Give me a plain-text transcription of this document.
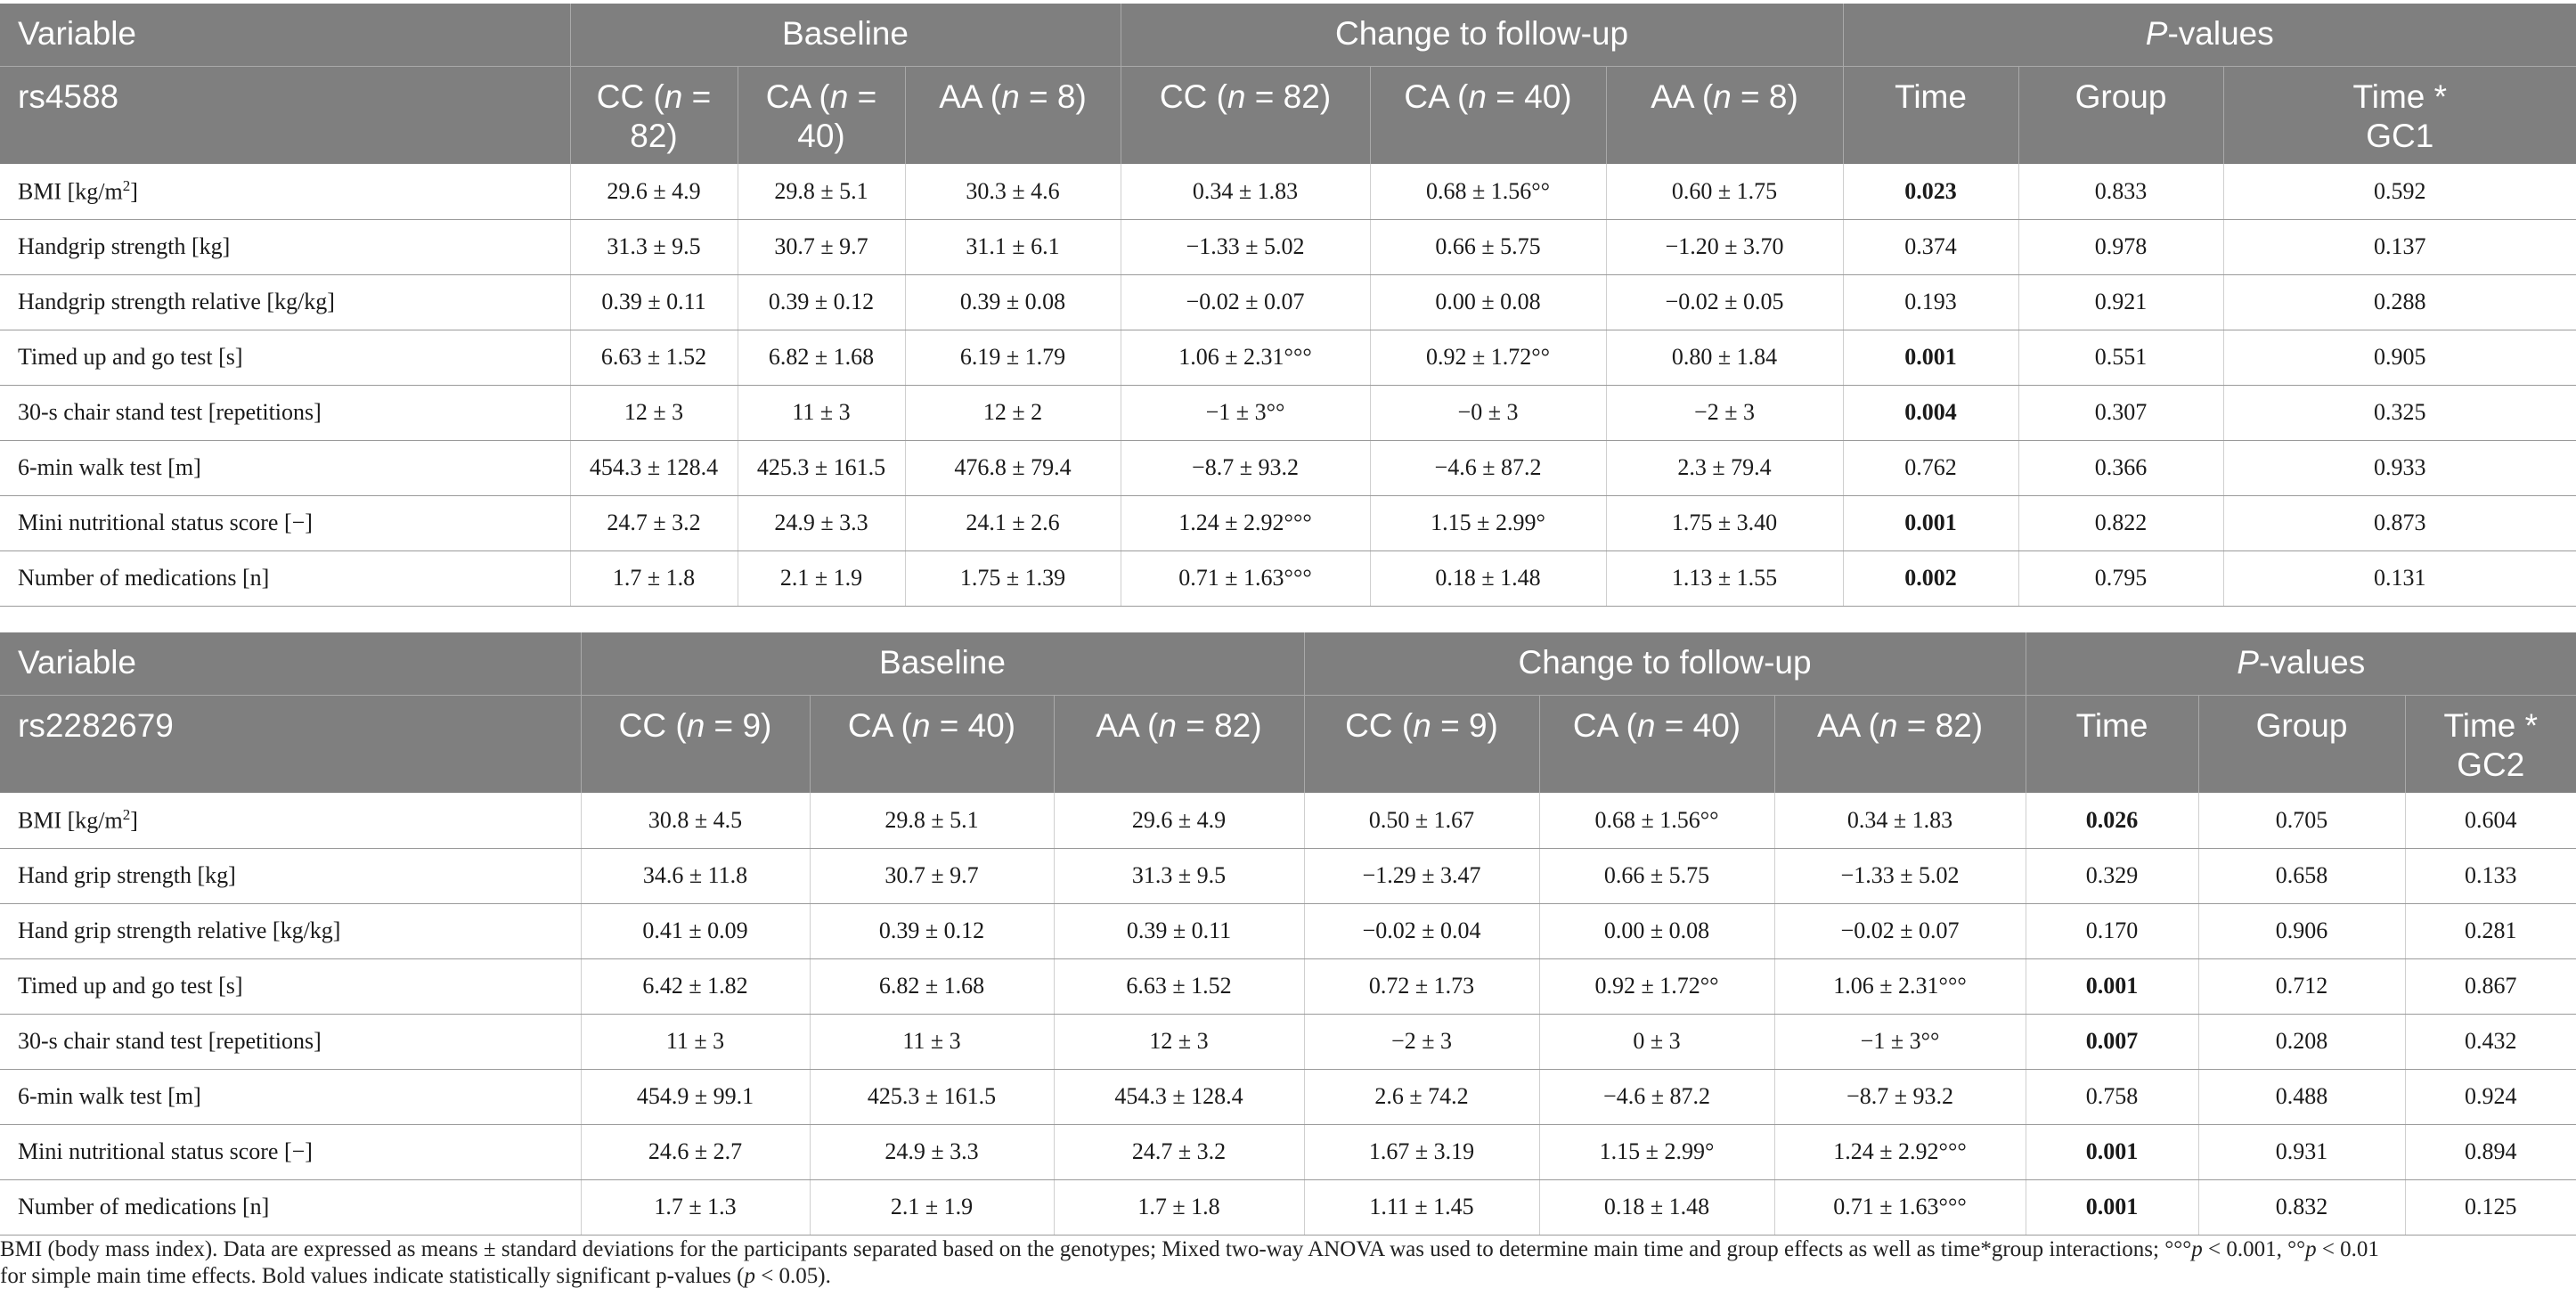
Variable	Baseline			Change to follow-up			P-values		
rs4588	CC (n = 82)	CA (n = 40)	AA (n = 8)	CC (n = 82)	CA (n = 40)	AA (n = 8)	Time	Group	Time *
GC1
BMI $[kg/m^2]$	29.6 ± 4.9	29.8 ± 5.1	30.3 ± 4.6	0.34 ± 1.83	0.68 ± 1.56°°	0.60 ± 1.75	0.023	0.833	0.592
Handgrip strength [kg]	31.3 ± 9.5	30.7 ± 9.7	31.1 ± 6.1	−1.33 ± 5.02	0.66 ± 5.75	−1.20 ± 3.70	0.374	0.978	0.137
Handgrip strength relative [kg/kg]	0.39 ± 0.11	0.39 ± 0.12	0.39 ± 0.08	−0.02 ± 0.07	0.00 ± 0.08	−0.02 ± 0.05	0.193	0.921	0.288
Timed up and go test [s]	6.63 ± 1.52	6.82 ± 1.68	6.19 ± 1.79	1.06 ± 2.31°°°	0.92 ± 1.72°°	0.80 ± 1.84	0.001	0.551	0.905
30-s chair stand test [repetitions]	12 ± 3	11 ± 3	12 ± 2	−1 ± 3°°	−0 ± 3	−2 ± 3	0.004	0.307	0.325
6-min walk test [m]	454.3 ± 128.4	425.3 ± 161.5	476.8 ± 79.4	−8.7 ± 93.2	−4.6 ± 87.2	2.3 ± 79.4	0.762	0.366	0.933
Mini nutritional status score [−]	24.7 ± 3.2	24.9 ± 3.3	24.1 ± 2.6	1.24 ± 2.92°°°	1.15 ± 2.99°	1.75 ± 3.40	0.001	0.822	0.873
Number of medications [n]	1.7 ± 1.8	2.1 ± 1.9	1.75 ± 1.39	0.71 ± 1.63°°°	0.18 ± 1.48	1.13 ± 1.55	0.002	0.795	0.131
Variable	Baseline			Change to follow-up			P-values		
rs2282679	CC (n = 9)	CA (n = 40)	AA (n = 82)	CC (n = 9)	CA (n = 40)	AA (n = 82)	Time	Group	Time *
GC2
BMI $[kg/m^2]$	30.8 ± 4.5	29.8 ± 5.1	29.6 ± 4.9	0.50 ± 1.67	0.68 ± 1.56°°	0.34 ± 1.83	0.026	0.705	0.604
Hand grip strength [kg]	34.6 ± 11.8	30.7 ± 9.7	31.3 ± 9.5	−1.29 ± 3.47	0.66 ± 5.75	−1.33 ± 5.02	0.329	0.658	0.133
Hand grip strength relative [kg/kg]	0.41 ± 0.09	0.39 ± 0.12	0.39 ± 0.11	−0.02 ± 0.04	0.00 ± 0.08	−0.02 ± 0.07	0.170	0.906	0.281
Timed up and go test [s]	6.42 ± 1.82	6.82 ± 1.68	6.63 ± 1.52	0.72 ± 1.73	0.92 ± 1.72°°	1.06 ± 2.31°°°	0.001	0.712	0.867
30-s chair stand test [repetitions]	11 ± 3	11 ± 3	12 ± 3	−2 ± 3	0 ± 3	−1 ± 3°°	0.007	0.208	0.432
6-min walk test [m]	454.9 ± 99.1	425.3 ± 161.5	454.3 ± 128.4	2.6 ± 74.2	−4.6 ± 87.2	−8.7 ± 93.2	0.758	0.488	0.924
Mini nutritional status score [−]	24.6 ± 2.7	24.9 ± 3.3	24.7 ± 3.2	1.67 ± 3.19	1.15 ± 2.99°	1.24 ± 2.92°°°	0.001	0.931	0.894
Number of medications [n]	1.7 ± 1.3	2.1 ± 1.9	1.7 ± 1.8	1.11 ± 1.45	0.18 ± 1.48	0.71 ± 1.63°°°	0.001	0.832	0.125
BMI (body mass index). Data are expressed as means ± standard deviations for the participants separated based on the genotypes; Mixed two-way ANOVA was used to determine main time and group effects as well as time*group interactions; °°°p < 0.001, °°p < 0.01
for simple main time effects. Bold values indicate statistically significant p-values (p < 0.05).
